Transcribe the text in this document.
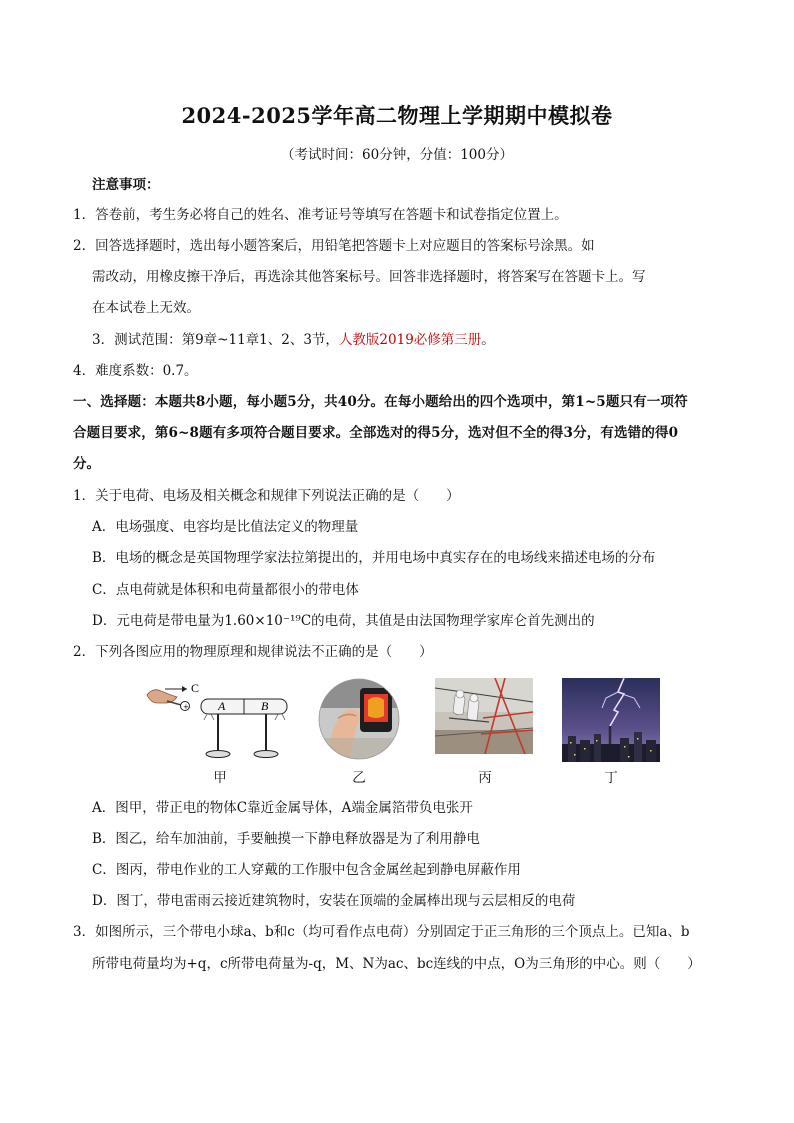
2024-2025学年高二物理上学期期中模拟卷
（考试时间：60分钟，分值：100分）
注意事项：
1．答卷前，考生务必将自己的姓名、准考证号等填写在答题卡和试卷指定位置上。
2．回答选择题时，选出每小题答案后，用铅笔把答题卡上对应题目的答案标号涂黑。如
需改动，用橡皮擦干净后，再选涂其他答案标号。回答非选择题时，将答案写在答题卡上。写
在本试卷上无效。
3．测试范围：第9章~11章1、2、3节，人教版2019必修第三册。
4．难度系数：0.7。
一、选择题：本题共8小题，每小题5分，共40分。在每小题给出的四个选项中，第1~5题只有一项符
合题目要求，第6~8题有多项符合题目要求。全部选对的得5分，选对但不全的得3分，有选错的得0
分。
1．关于电荷、电场及相关概念和规律下列说法正确的是（　　）
A．电场强度、电容均是比值法定义的物理量
B．电场的概念是英国物理学家法拉第提出的，并用电场中真实存在的电场线来描述电场的分布
C．点电荷就是体积和电荷量都很小的带电体
D．元电荷是带电量为1.60×10⁻¹⁹C的电荷，其值是由法国物理学家库仑首先测出的
2．下列各图应用的物理原理和规律说法不正确的是（　　）
+
C
A	B
甲	乙	丙	丁
A．图甲，带正电的物体C靠近金属导体，A端金属箔带负电张开
B．图乙，给车加油前，手要触摸一下静电释放器是为了利用静电
C．图丙，带电作业的工人穿戴的工作服中包含金属丝起到静电屏蔽作用
D．图丁，带电雷雨云接近建筑物时，安装在顶端的金属棒出现与云层相反的电荷
3．如图所示，三个带电小球a、b和c（均可看作点电荷）分别固定于正三角形的三个顶点上。已知a、b
所带电荷量均为+q，c所带电荷量为-q，M、N为ac、bc连线的中点，O为三角形的中心。则（　　）
